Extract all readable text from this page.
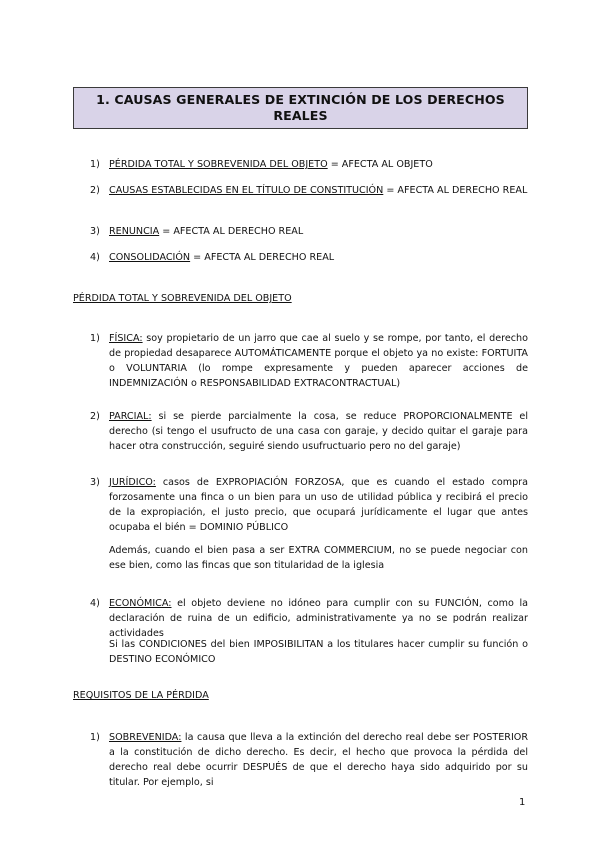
1. CAUSAS GENERALES DE EXTINCIÓN DE LOS DERECHOS
REALES
1) PÉRDIDA TOTAL Y SOBREVENIDA DEL OBJETO = AFECTA AL OBJETO
2) CAUSAS ESTABLECIDAS EN EL TÍTULO DE CONSTITUCIÓN = AFECTA AL DERECHO REAL
3) RENUNCIA = AFECTA AL DERECHO REAL
4) CONSOLIDACIÓN = AFECTA AL DERECHO REAL
PÉRDIDA TOTAL Y SOBREVENIDA DEL OBJETO
1) FÍSICA: soy propietario de un jarro que cae al suelo y se rompe, por tanto, el derecho de propiedad desaparece AUTOMÁTICAMENTE porque el objeto ya no existe: FORTUITA o VOLUNTARIA (lo rompe expresamente y pueden aparecer acciones de INDEMNIZACIÓN o RESPONSABILIDAD EXTRACONTRACTUAL)
2) PARCIAL: si se pierde parcialmente la cosa, se reduce PROPORCIONALMENTE el derecho (si tengo el usufructo de una casa con garaje, y decido quitar el garaje para hacer otra construcción, seguiré siendo usufructuario pero no del garaje)
3) JURÍDICO: casos de EXPROPIACIÓN FORZOSA, que es cuando el estado compra forzosamente una finca o un bien para un uso de utilidad pública y recibirá el precio de la expropiación, el justo precio, que ocupará jurídicamente el lugar que antes ocupaba el bién = DOMINIO PÚBLICO
Además, cuando el bien pasa a ser EXTRA COMMERCIUM, no se puede negociar con ese bien, como las fincas que son titularidad de la iglesia
4) ECONÓMICA: el objeto deviene no idóneo para cumplir con su FUNCIÓN, como la declaración de ruina de un edificio, administrativamente ya no se podrán realizar actividades
Si las CONDICIONES del bien IMPOSIBILITAN a los titulares hacer cumplir su función o DESTINO ECONÓMICO
REQUISITOS DE LA PÉRDIDA
1) SOBREVENIDA: la causa que lleva a la extinción del derecho real debe ser POSTERIOR a la constitución de dicho derecho. Es decir, el hecho que provoca la pérdida del derecho real debe ocurrir DESPUÉS de que el derecho haya sido adquirido por su titular. Por ejemplo, si
1
